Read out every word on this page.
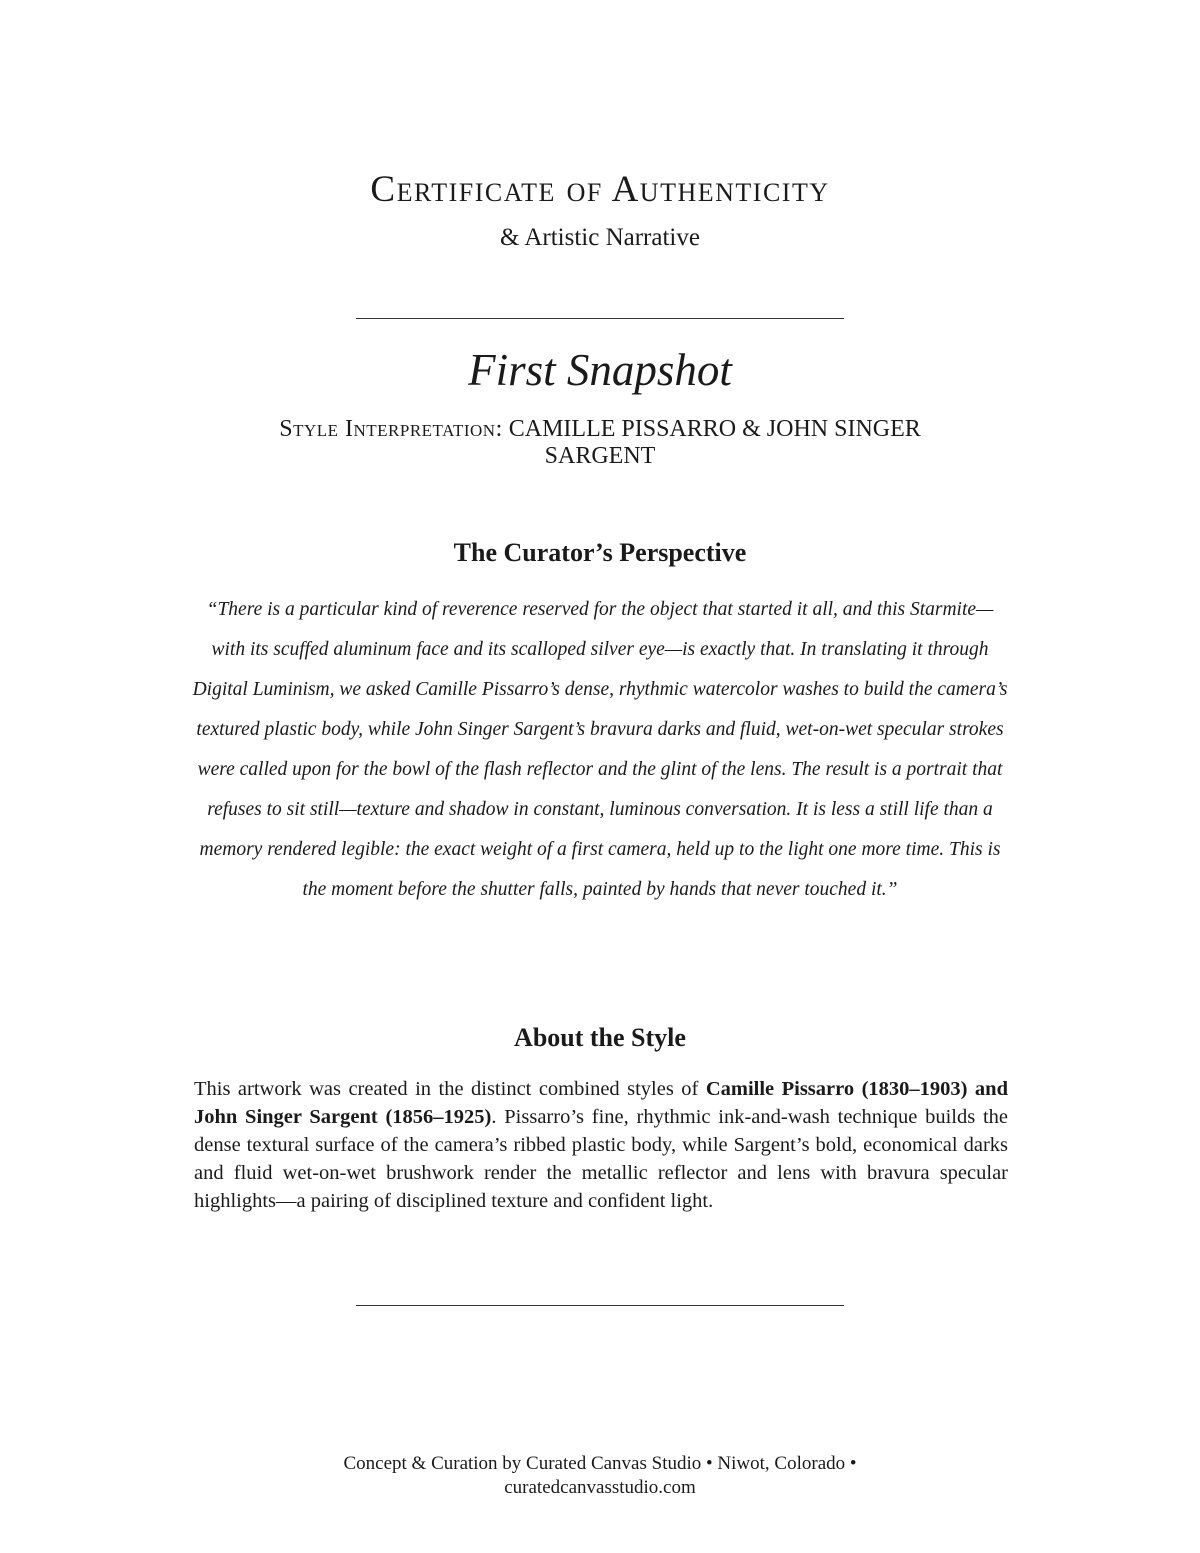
Certificate of Authenticity
& Artistic Narrative
First Snapshot
Style Interpretation: CAMILLE PISSARRO & JOHN SINGER SARGENT
The Curator’s Perspective

“There is a particular kind of reverence reserved for the object that started it all, and this Starmite—with its scuffed aluminum face and its scalloped silver eye—is exactly that. In translating it through Digital Luminism, we asked Camille Pissarro’s dense, rhythmic watercolor washes to build the camera’s textured plastic body, while John Singer Sargent’s bravura darks and fluid, wet-on-wet specular strokes were called upon for the bowl of the flash reflector and the glint of the lens. The result is a portrait that refuses to sit still—texture and shadow in constant, luminous conversation. It is less a still life than a memory rendered legible: the exact weight of a first camera, held up to the light one more time. This is the moment before the shutter falls, painted by hands that never touched it.”

About the Style

This artwork was created in the distinct combined styles of Camille Pissarro (1830–1903) and John Singer Sargent (1856–1925). Pissarro’s fine, rhythmic ink-and-wash technique builds the dense textural surface of the camera’s ribbed plastic body, while Sargent’s bold, economical darks and fluid wet-on-wet brushwork render the metallic reflector and lens with bravura specular highlights—a pairing of disciplined texture and confident light.

Concept & Curation by Curated Canvas Studio • Niwot, Colorado •
curatedcanvasstudio.com
